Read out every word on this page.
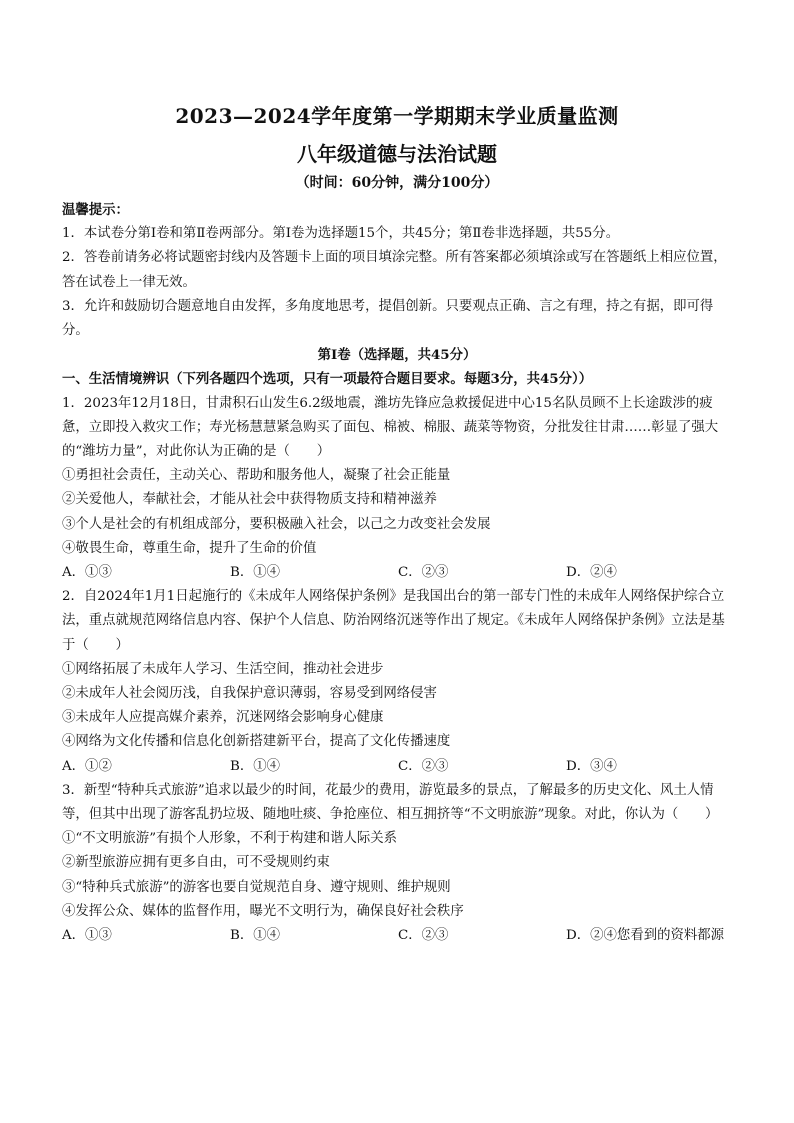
2023—2024学年度第一学期期末学业质量监测
八年级道德与法治试题
（时间：60分钟，满分100分）

温馨提示：

1．本试卷分第Ⅰ卷和第Ⅱ卷两部分。第Ⅰ卷为选择题15个，共45分；第Ⅱ卷非选择题，共55分。

2．答卷前请务必将试题密封线内及答题卡上面的项目填涂完整。所有答案都必须填涂或写在答题纸上相应位置，答在试卷上一律无效。

3．允许和鼓励切合题意地自由发挥，多角度地思考，提倡创新。只要观点正确、言之有理，持之有据，即可得分。

第Ⅰ卷（选择题，共45分）

一、生活情境辨识（下列各题四个选项，只有一项最符合题目要求。每题3分，共45分））

1．2023年12月18日，甘肃积石山发生6.2级地震，潍坊先锋应急救援促进中心15名队员顾不上长途跋涉的疲惫，立即投入救灾工作；寿光杨慧慧紧急购买了面包、棉被、棉服、蔬菜等物资，分批发往甘肃……彰显了强大的“潍坊力量”，对此你认为正确的是（　　）

①勇担社会责任，主动关心、帮助和服务他人，凝聚了社会正能量

②关爱他人，奉献社会，才能从社会中获得物质支持和精神滋养

③个人是社会的有机组成部分，要积极融入社会，以己之力改变社会发展

④敬畏生命，尊重生命，提升了生命的价值

A．①③	B．①④	C．②③	D．②④

2．自2024年1月1日起施行的《未成年人网络保护条例》是我国出台的第一部专门性的未成年人网络保护综合立法，重点就规范网络信息内容、保护个人信息、防治网络沉迷等作出了规定。《未成年人网络保护条例》立法是基于（　　）

①网络拓展了未成年人学习、生活空间，推动社会进步

②未成年人社会阅历浅，自我保护意识薄弱，容易受到网络侵害

③未成年人应提高媒介素养，沉迷网络会影响身心健康

④网络为文化传播和信息化创新搭建新平台，提高了文化传播速度

A．①②	B．①④	C．②③	D．③④

3．新型“特种兵式旅游”追求以最少的时间，花最少的费用，游览最多的景点，了解最多的历史文化、风土人情等，但其中出现了游客乱扔垃圾、随地吐痰、争抢座位、相互拥挤等“不文明旅游”现象。对此，你认为（　　）

①“不文明旅游”有损个人形象，不利于构建和谐人际关系

②新型旅游应拥有更多自由，可不受规则约束

③“特种兵式旅游”的游客也要自觉规范自身、遵守规则、维护规则

④发挥公众、媒体的监督作用，曝光不文明行为，确保良好社会秩序

A．①③	B．①④	C．②③	D．②④您看到的资料都源
